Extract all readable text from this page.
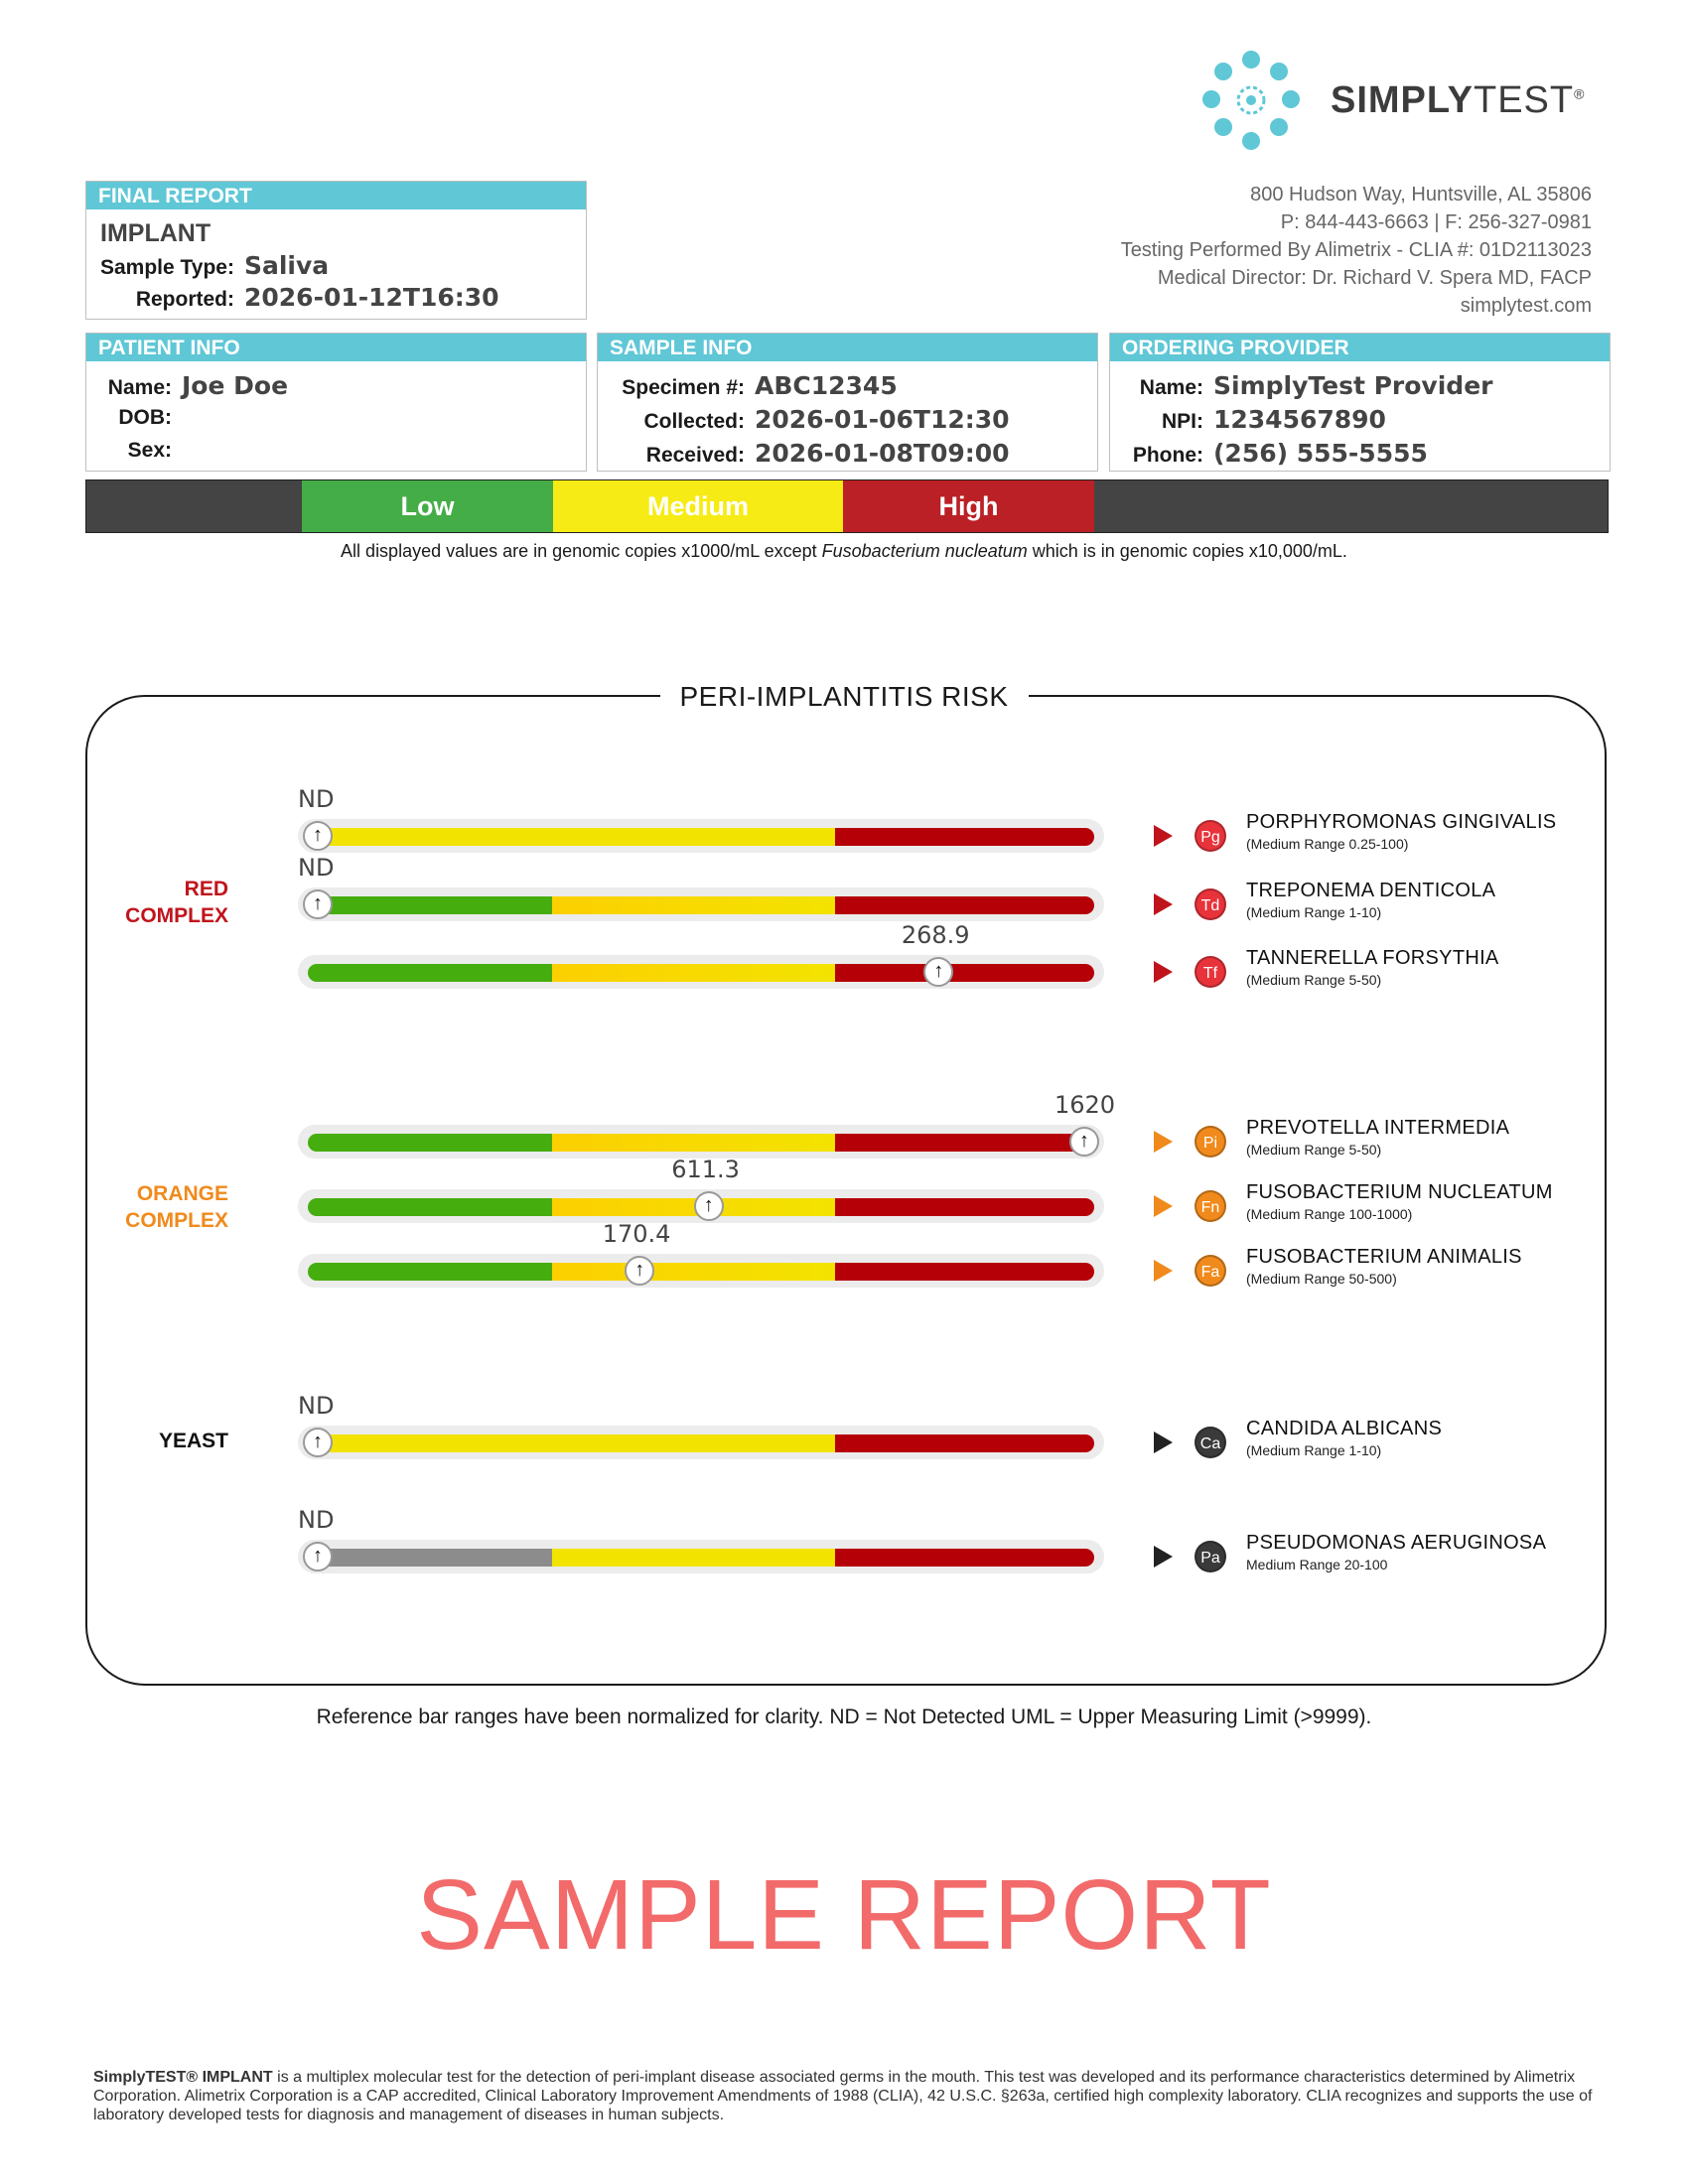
SIMPLYTEST®
800 Hudson Way, Huntsville, AL 35806
P: 844-443-6663 | F: 256-327-0981
Testing Performed By Alimetrix - CLIA #: 01D2113023
Medical Director: Dr. Richard V. Spera MD, FACP
simplytest.com
FINAL REPORT
IMPLANT
Sample Type: Saliva
Reported: 2026-01-12T16:30
PATIENT INFO
Name: Joe Doe
DOB:
Sex:
SAMPLE INFO
Specimen #: ABC12345
Collected: 2026-01-06T12:30
Received: 2026-01-08T09:00
ORDERING PROVIDER
Name: SimplyTest Provider
NPI: 1234567890
Phone: (256) 555-5555
Low	Medium	High
All displayed values are in genomic copies x1000/mL except Fusobacterium nucleatum which is in genomic copies x10,000/mL.
PERI-IMPLANTITIS RISK
RED
COMPLEX
ORANGE
COMPLEX
YEAST
↑
ND
Pg
PORPHYROMONAS GINGIVALIS
(Medium Range 0.25-100)
↑
ND
Td
TREPONEMA DENTICOLA
(Medium Range 1-10)
↑
268.9
Tf
TANNERELLA FORSYTHIA
(Medium Range 5-50)
↑
1620
Pi
PREVOTELLA INTERMEDIA
(Medium Range 5-50)
↑
611.3
Fn
FUSOBACTERIUM NUCLEATUM
(Medium Range 100-1000)
↑
170.4
Fa
FUSOBACTERIUM ANIMALIS
(Medium Range 50-500)
↑
ND
Ca
CANDIDA ALBICANS
(Medium Range 1-10)
↑
ND
Pa
PSEUDOMONAS AERUGINOSA
Medium Range 20-100
Reference bar ranges have been normalized for clarity. ND = Not Detected UML = Upper Measuring Limit (>9999).
SAMPLE REPORT
SimplyTEST® IMPLANT is a multiplex molecular test for the detection of peri-implant disease associated germs in the mouth. This test was developed and its performance characteristics determined by Alimetrix Corporation. Alimetrix Corporation is a CAP accredited, Clinical Laboratory Improvement Amendments of 1988 (CLIA), 42 U.S.C. §263a, certified high complexity laboratory. CLIA recognizes and supports the use of laboratory developed tests for diagnosis and management of diseases in human subjects.
